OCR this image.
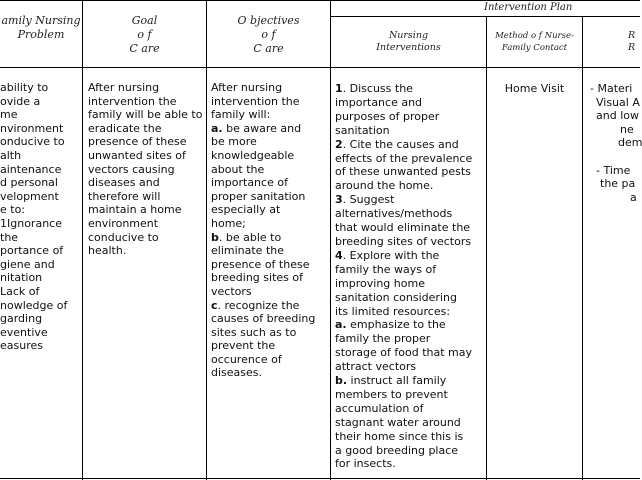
amily Nursing
Problem
Goal
o f
C are
O bjectives
o f
C are
Intervention Plan
Nursing
Interventions
Method o f Nurse-
Family Contact
R
R
ability to
ovide a
me
nvironment
onducive to
alth
aintenance
d personal
velopment
e to:
1Ignorance
the
portance of
giene and
nitation
Lack of
nowledge of
garding
eventive
easures
After nursing
intervention the
family will be able to
eradicate the
presence of these
unwanted sites of
vectors causing
diseases and
therefore will
maintain a home
environment
conducive to
health.
After nursing
intervention the
family will:
a. be aware and
be more
knowledgeable
about the
importance of
proper sanitation
especially at
home;
b. be able to
eliminate the
presence of these
breeding sites of
vectors
c. recognize the
causes of breeding
sites such as to
prevent the
occurence of
diseases.
1. Discuss the
importance and
purposes of proper
sanitation
2. Cite the causes and
effects of the prevalence
of these unwanted pests
around the home.
3. Suggest
alternatives/methods
that would eliminate the
breeding sites of vectors
4. Explore with the
family the ways of
improving home
sanitation considering
its limited resources:
a. emphasize to the
family the proper
storage of food that may
attract vectors
b. instruct all family
members to prevent
accumulation of
stagnant water around
their home since this is
a good breeding place
for insects.
Home Visit	- Materi
Visual A
and low
ne
dem

- Time
the pa
a
